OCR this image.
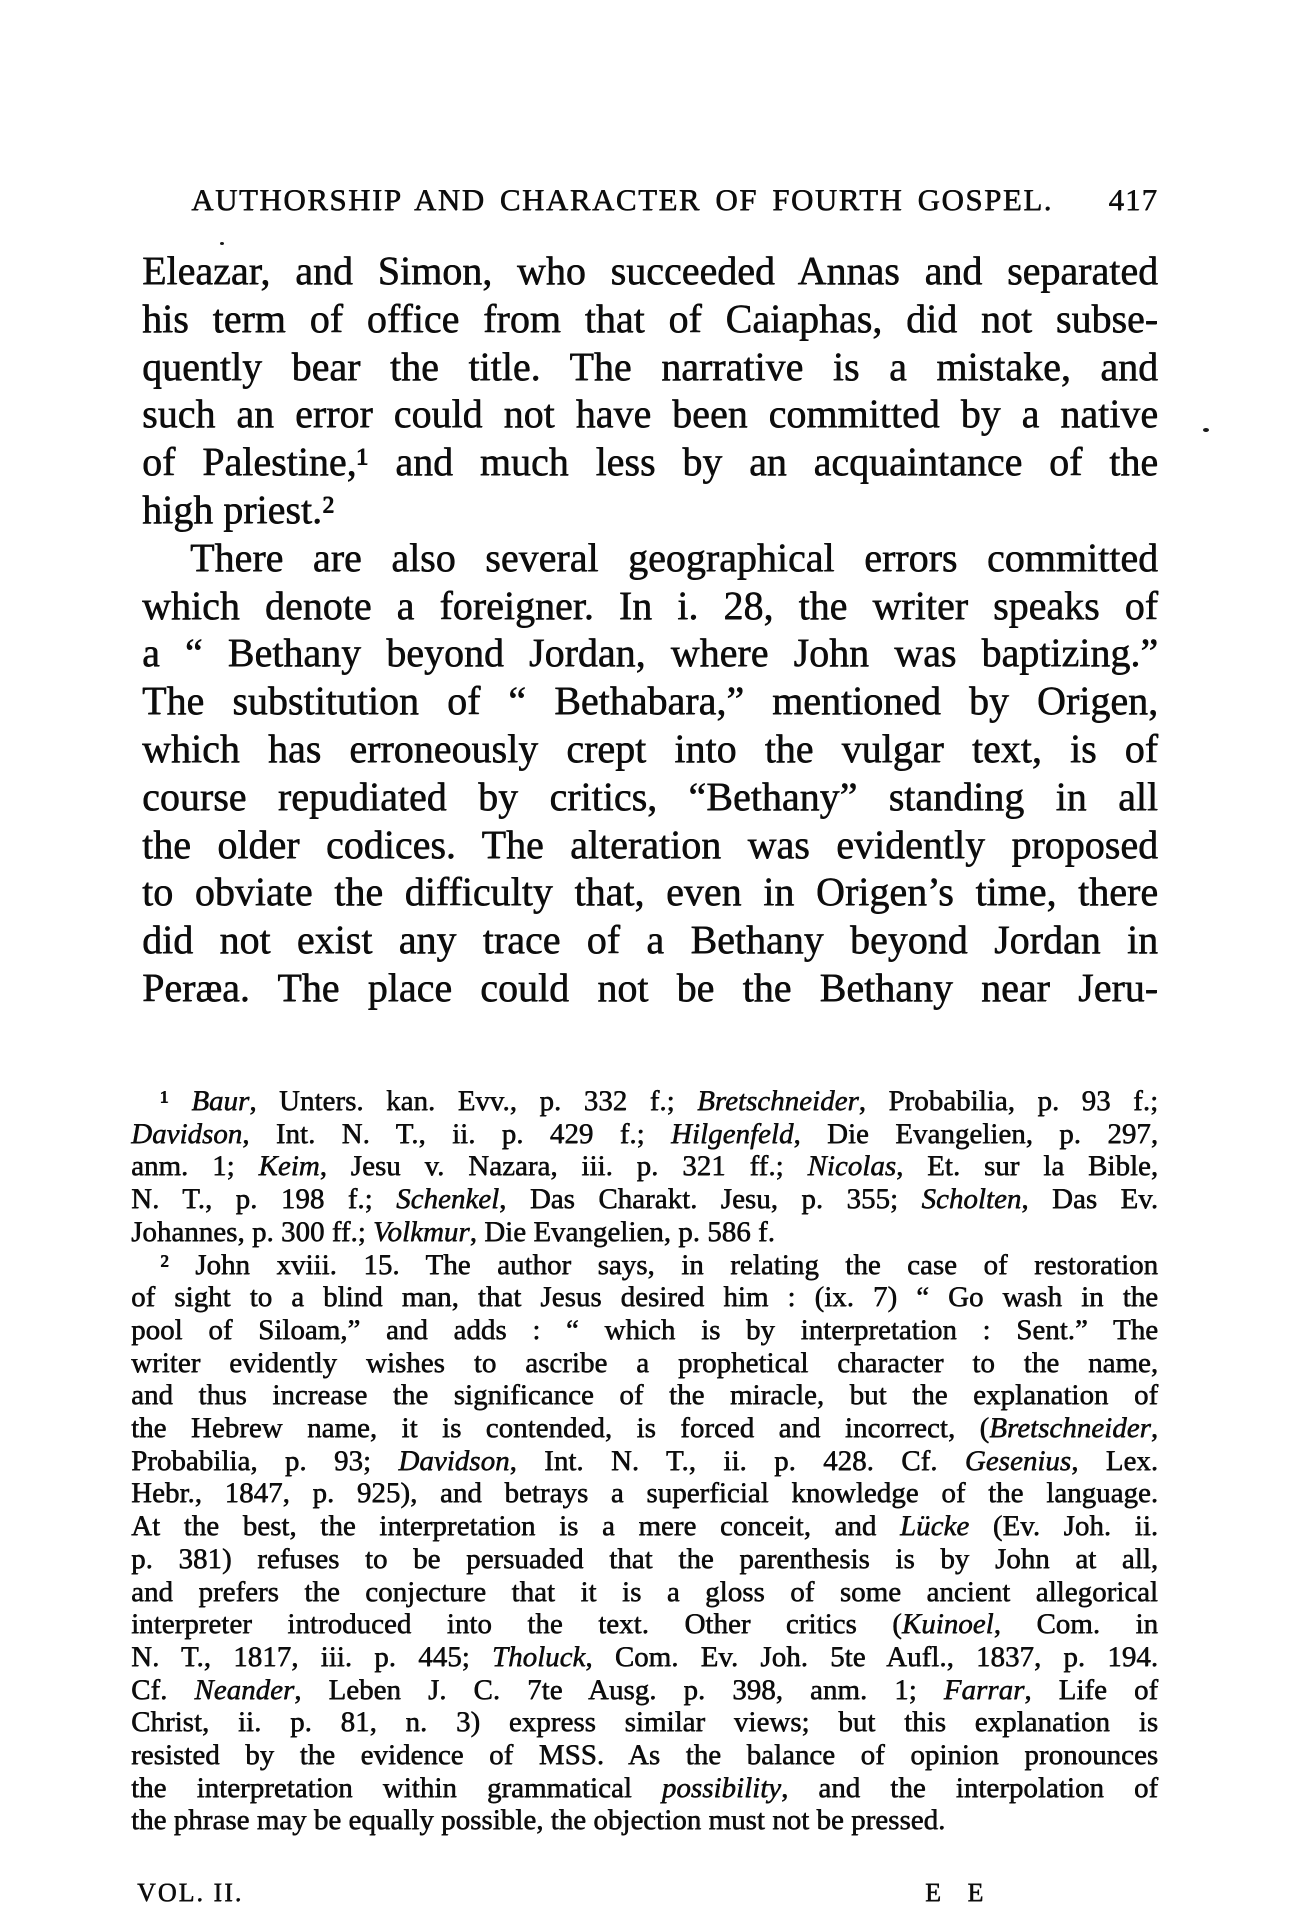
AUTHORSHIP AND CHARACTER OF FOURTH GOSPEL. 417

Eleazar, and Simon, who succeeded Annas and separated

his term of office from that of Caiaphas, did not subse-

quently bear the title. The narrative is a mistake, and

such an error could not have been committed by a native

of Palestine,¹ and much less by an acquaintance of the

high priest.²

There are also several geographical errors committed

which denote a foreigner. In i. 28, the writer speaks of

a “ Bethany beyond Jordan, where John was baptizing.”

The substitution of “ Bethabara,” mentioned by Origen,

which has erroneously crept into the vulgar text, is of

course repudiated by critics, “Bethany” standing in all

the older codices. The alteration was evidently proposed

to obviate the difficulty that, even in Origen’s time, there

did not exist any trace of a Bethany beyond Jordan in

Peræa. The place could not be the Bethany near Jeru-

¹ Baur, Unters. kan. Evv., p. 332 f.; Bretschneider, Probabilia, p. 93 f.;

Davidson, Int. N. T., ii. p. 429 f.; Hilgenfeld, Die Evangelien, p. 297,

anm. 1; Keim, Jesu v. Nazara, iii. p. 321 ff.; Nicolas, Et. sur la Bible,

N. T., p. 198 f.; Schenkel, Das Charakt. Jesu, p. 355; Scholten, Das Ev.

Johannes, p. 300 ff.; Volkmur, Die Evangelien, p. 586 f.

² John xviii. 15. The author says, in relating the case of restoration

of sight to a blind man, that Jesus desired him : (ix. 7) “ Go wash in the

pool of Siloam,” and adds : “ which is by interpretation : Sent.” The

writer evidently wishes to ascribe a prophetical character to the name,

and thus increase the significance of the miracle, but the explanation of

the Hebrew name, it is contended, is forced and incorrect, (Bretschneider,

Probabilia, p. 93; Davidson, Int. N. T., ii. p. 428. Cf. Gesenius, Lex.

Hebr., 1847, p. 925), and betrays a superficial knowledge of the language.

At the best, the interpretation is a mere conceit, and Lücke (Ev. Joh. ii.

p. 381) refuses to be persuaded that the parenthesis is by John at all,

and prefers the conjecture that it is a gloss of some ancient allegorical

interpreter introduced into the text. Other critics (Kuinoel, Com. in

N. T., 1817, iii. p. 445; Tholuck, Com. Ev. Joh. 5te Aufl., 1837, p. 194.

Cf. Neander, Leben J. C. 7te Ausg. p. 398, anm. 1; Farrar, Life of

Christ, ii. p. 81, n. 3) express similar views; but this explanation is

resisted by the evidence of MSS. As the balance of opinion pronounces

the interpretation within grammatical possibility, and the interpolation of

the phrase may be equally possible, the objection must not be pressed.

VOL. II.	E E
